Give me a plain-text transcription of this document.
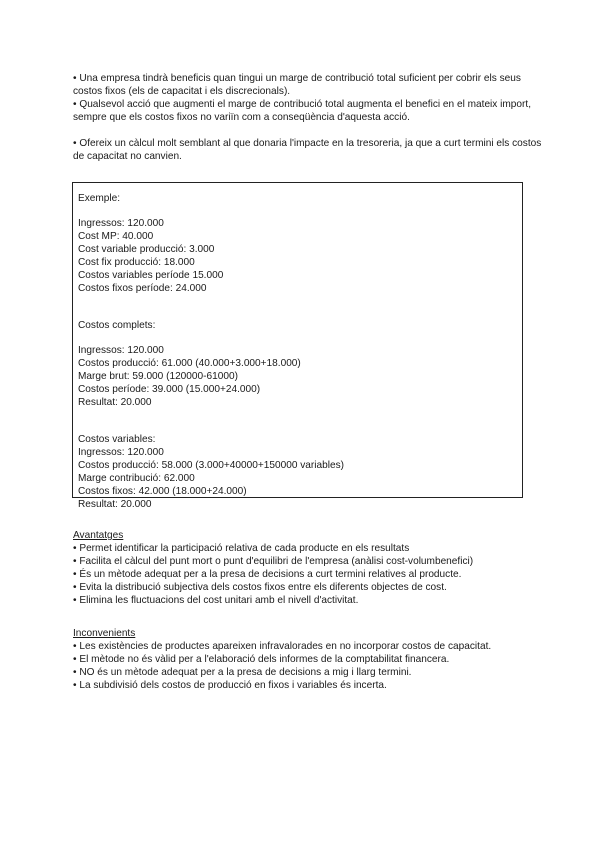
• Una empresa tindrà beneficis quan tingui un marge de contribució total suficient per cobrir els seus costos fixos (els de capacitat i els discrecionals).

• Qualsevol acció que augmenti el marge de contribució total augmenta el benefici en el mateix import, sempre que els costos fixos no variïn com a conseqüència d'aquesta acció.

• Ofereix un càlcul molt semblant al que donaria l'impacte en la tresoreria, ja que a curt termini els costos de capacitat no canvien.

Exemple:
Ingressos: 120.000
Cost MP: 40.000
Cost variable producció: 3.000
Cost fix producció: 18.000
Costos variables període 15.000
Costos fixos període: 24.000
Costos complets:
Ingressos: 120.000
Costos producció: 61.000 (40.000+3.000+18.000)
Marge brut: 59.000 (120000-61000)
Costos període: 39.000 (15.000+24.000)
Resultat: 20.000
Costos variables:
Ingressos: 120.000
Costos producció: 58.000 (3.000+40000+150000 variables)
Marge contribució: 62.000
Costos fixos: 42.000 (18.000+24.000)
Resultat: 20.000
Avantatges
• Permet identificar la participació relativa de cada producte en els resultats
• Facilita el càlcul del punt mort o punt d'equilibri de l'empresa (anàlisi cost-volumbenefici)
• És un mètode adequat per a la presa de decisions a curt termini relatives al producte.
• Evita la distribució subjectiva dels costos fixos entre els diferents objectes de cost.
• Elimina les fluctuacions del cost unitari amb el nivell d'activitat.
Inconvenients
• Les existències de productes apareixen infravalorades en no incorporar costos de capacitat.
• El mètode no és vàlid per a l'elaboració dels informes de la comptabilitat financera.
• NO és un mètode adequat per a la presa de decisions a mig i llarg termini.
• La subdivisió dels costos de producció en fixos i variables és incerta.
